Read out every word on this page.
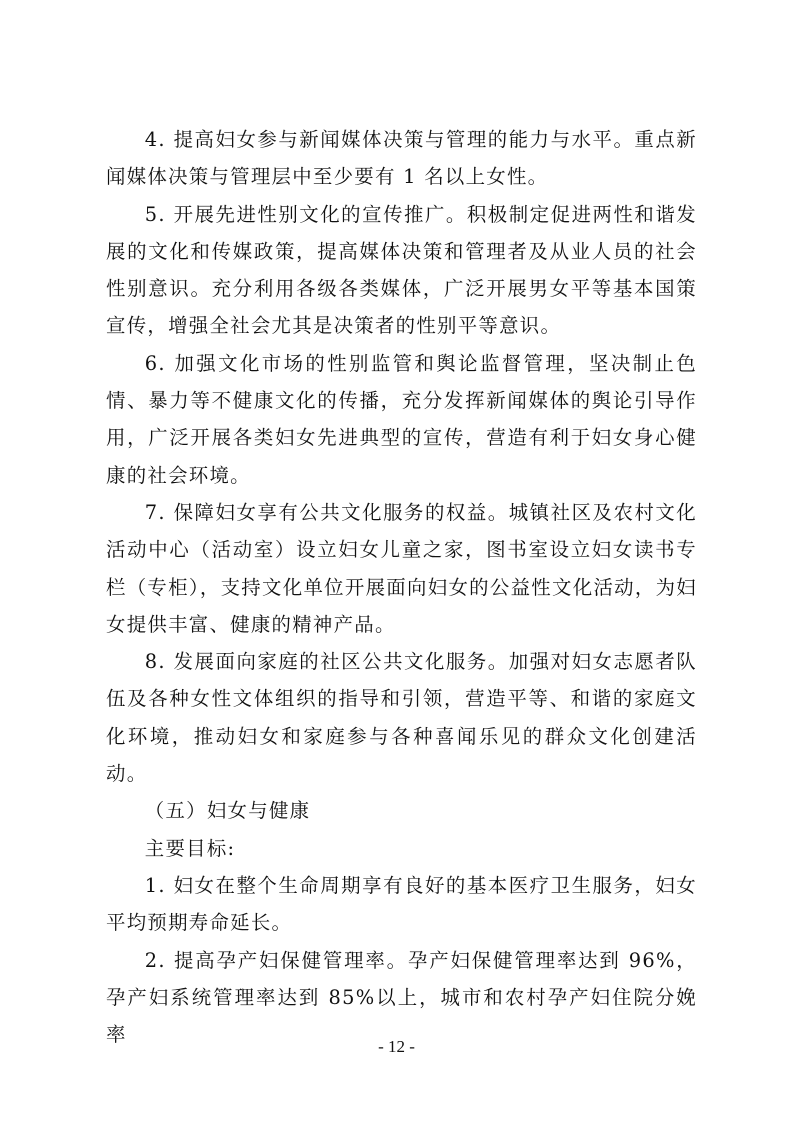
4. 提高妇女参与新闻媒体决策与管理的能力与水平。重点新闻媒体决策与管理层中至少要有 1 名以上女性。

5. 开展先进性别文化的宣传推广。积极制定促进两性和谐发展的文化和传媒政策，提高媒体决策和管理者及从业人员的社会性别意识。充分利用各级各类媒体，广泛开展男女平等基本国策宣传，增强全社会尤其是决策者的性别平等意识。

6. 加强文化市场的性别监管和舆论监督管理，坚决制止色情、暴力等不健康文化的传播，充分发挥新闻媒体的舆论引导作用，广泛开展各类妇女先进典型的宣传，营造有利于妇女身心健康的社会环境。

7. 保障妇女享有公共文化服务的权益。城镇社区及农村文化活动中心（活动室）设立妇女儿童之家，图书室设立妇女读书专栏（专柜），支持文化单位开展面向妇女的公益性文化活动，为妇女提供丰富、健康的精神产品。

8. 发展面向家庭的社区公共文化服务。加强对妇女志愿者队伍及各种女性文体组织的指导和引领，营造平等、和谐的家庭文化环境，推动妇女和家庭参与各种喜闻乐见的群众文化创建活动。

（五）妇女与健康

主要目标:

1. 妇女在整个生命周期享有良好的基本医疗卫生服务，妇女平均预期寿命延长。

2. 提高孕产妇保健管理率。孕产妇保健管理率达到 96%，孕产妇系统管理率达到 85%以上，城市和农村孕产妇住院分娩率

- 12 -
